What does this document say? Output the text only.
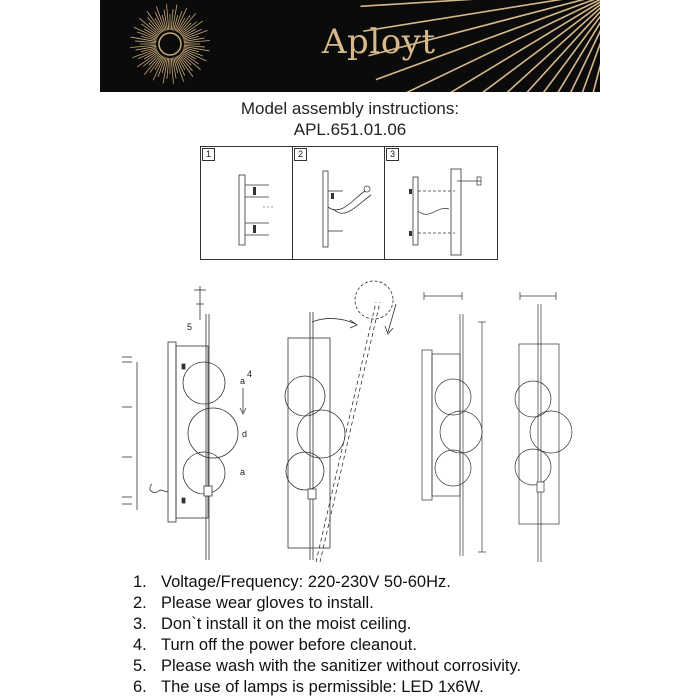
Aployt
Model assembly instructions:
APL.651.01.06
1	2	3
5
4
a
d
a
1. Voltage/Frequency: 220-230V 50-60Hz.
2. Please wear gloves to install.
3. Don`t install it on the moist ceiling.
4. Turn off the power before cleanout.
5. Please wash with the sanitizer without corrosivity.
6. The use of lamps is permissible: LED 1x6W.
